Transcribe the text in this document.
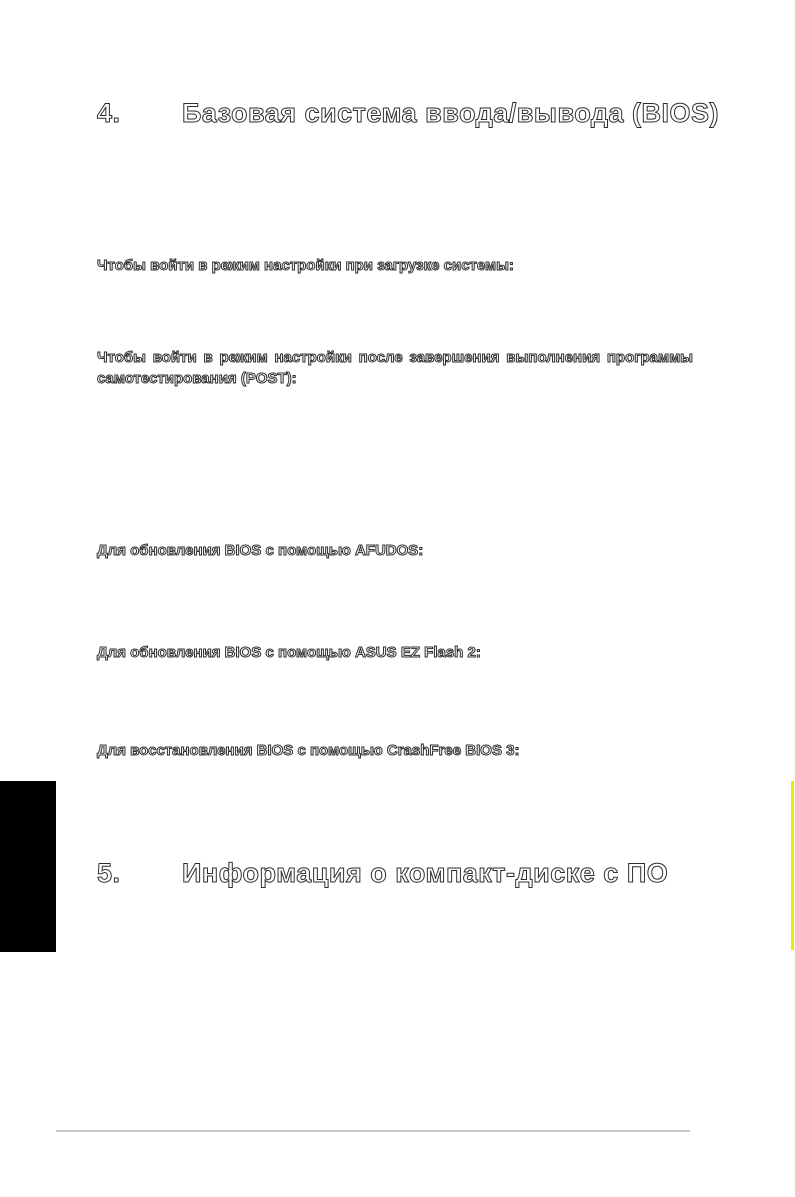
4. Базовая система ввода/вывода (BIOS)
Чтобы войти в режим настройки при загрузке системы:
Чтобы войти в режим настройки после завершения выполнения программы
самотестирования (POST):
Для обновления BIOS с помощью AFUDOS:
Для обновления BIOS с помощью ASUS EZ Flash 2:
Для восстановления BIOS с помощью CrashFree BIOS 3:
5. Информация о компакт-диске с ПО
